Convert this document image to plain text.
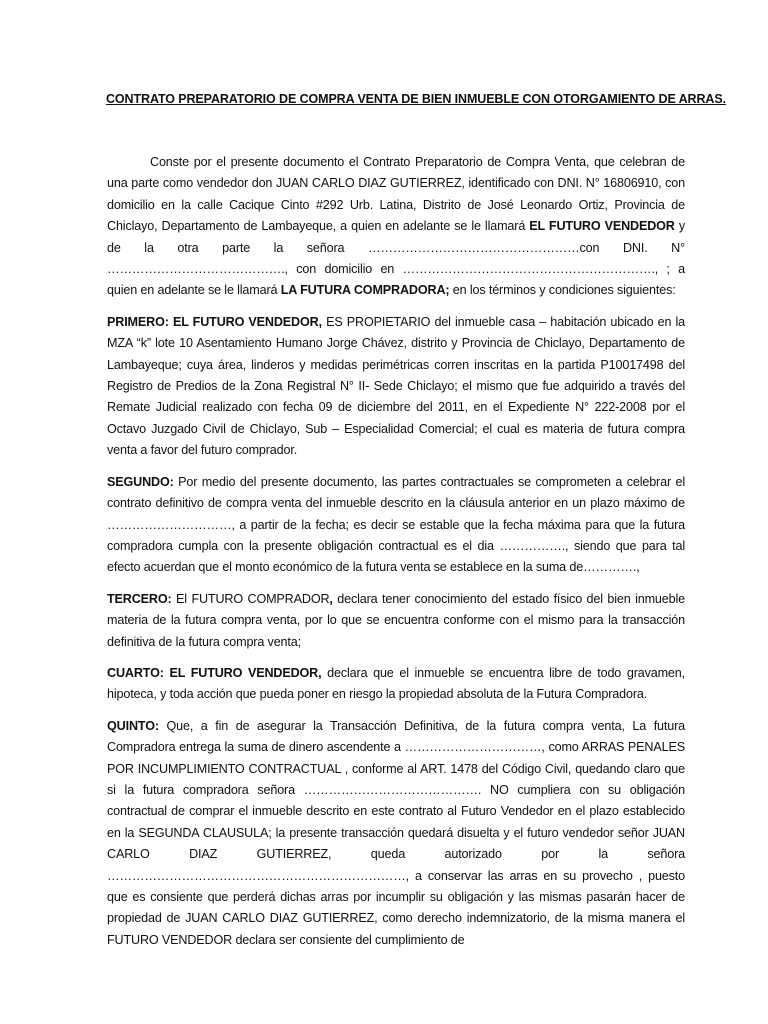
CONTRATO PREPARATORIO DE COMPRA VENTA DE BIEN INMUEBLE CON OTORGAMIENTO DE ARRAS.

Conste por el presente documento el Contrato Preparatorio de Compra Venta, que celebran de una parte como vendedor don JUAN CARLO DIAZ GUTIERREZ, identificado con DNI. N° 16806910, con domicilio en la calle Cacique Cinto #292 Urb. Latina, Distrito de José Leonardo Ortiz, Provincia de Chiclayo, Departamento de Lambayeque, a quien en adelante se le llamará EL FUTURO VENDEDOR y de la otra parte la señora ……………………………………………con DNI. N° ……………………………………., con domicilio en ……………………………………………………., ; a quien en adelante se le llamará LA FUTURA COMPRADORA; en los términos y condiciones siguientes:

PRIMERO: EL FUTURO VENDEDOR, ES PROPIETARIO del inmueble casa – habitación ubicado en la MZA “k” lote 10 Asentamiento Humano Jorge Chávez, distrito y Provincia de Chiclayo, Departamento de Lambayeque; cuya área, linderos y medidas perimétricas corren inscritas en la partida P10017498 del Registro de Predios de la Zona Registral N° II- Sede Chiclayo; el mismo que fue adquirido a través del Remate Judicial realizado con fecha 09 de diciembre del 2011, en el Expediente N° 222-2008 por el Octavo Juzgado Civil de Chiclayo, Sub – Especialidad Comercial; el cual es materia de futura compra venta a favor del futuro comprador.

SEGUNDO: Por medio del presente documento, las partes contractuales se comprometen a celebrar el contrato definitivo de compra venta del inmueble descrito en la cláusula anterior en un plazo máximo de …………………………, a partir de la fecha; es decir se estable que la fecha máxima para que la futura compradora cumpla con la presente obligación contractual es el dia ……………., siendo que para tal efecto acuerdan que el monto económico de la futura venta se establece en la suma de………….,

TERCERO: El FUTURO COMPRADOR, declara tener conocimiento del estado físico del bien inmueble materia de la futura compra venta, por lo que se encuentra conforme con el mismo para la transacción definitiva de la futura compra venta;

CUARTO: EL FUTURO VENDEDOR, declara que el inmueble se encuentra libre de todo gravamen, hipoteca, y toda acción que pueda poner en riesgo la propiedad absoluta de la Futura Compradora.

QUINTO: Que, a fin de asegurar la Transacción Definitiva, de la futura compra venta, La futura Compradora entrega la suma de dinero ascendente a ……………………………, como ARRAS PENALES POR INCUMPLIMIENTO CONTRACTUAL , conforme al ART. 1478 del Código Civil, quedando claro que si la futura compradora señora ……………………………………. NO cumpliera con su obligación contractual de comprar el inmueble descrito en este contrato al Futuro Vendedor en el plazo establecido en la SEGUNDA CLAUSULA; la presente transacción quedará disuelta y el futuro vendedor señor JUAN CARLO DIAZ GUTIERREZ, queda autorizado por la señora ………………………………………………………………, a conservar las arras en su provecho , puesto que es consiente que perderá dichas arras por incumplir su obligación y las mismas pasarán hacer de propiedad de JUAN CARLO DIAZ GUTIERREZ, como derecho indemnizatorio, de la misma manera el FUTURO VENDEDOR declara ser consiente del cumplimiento de
